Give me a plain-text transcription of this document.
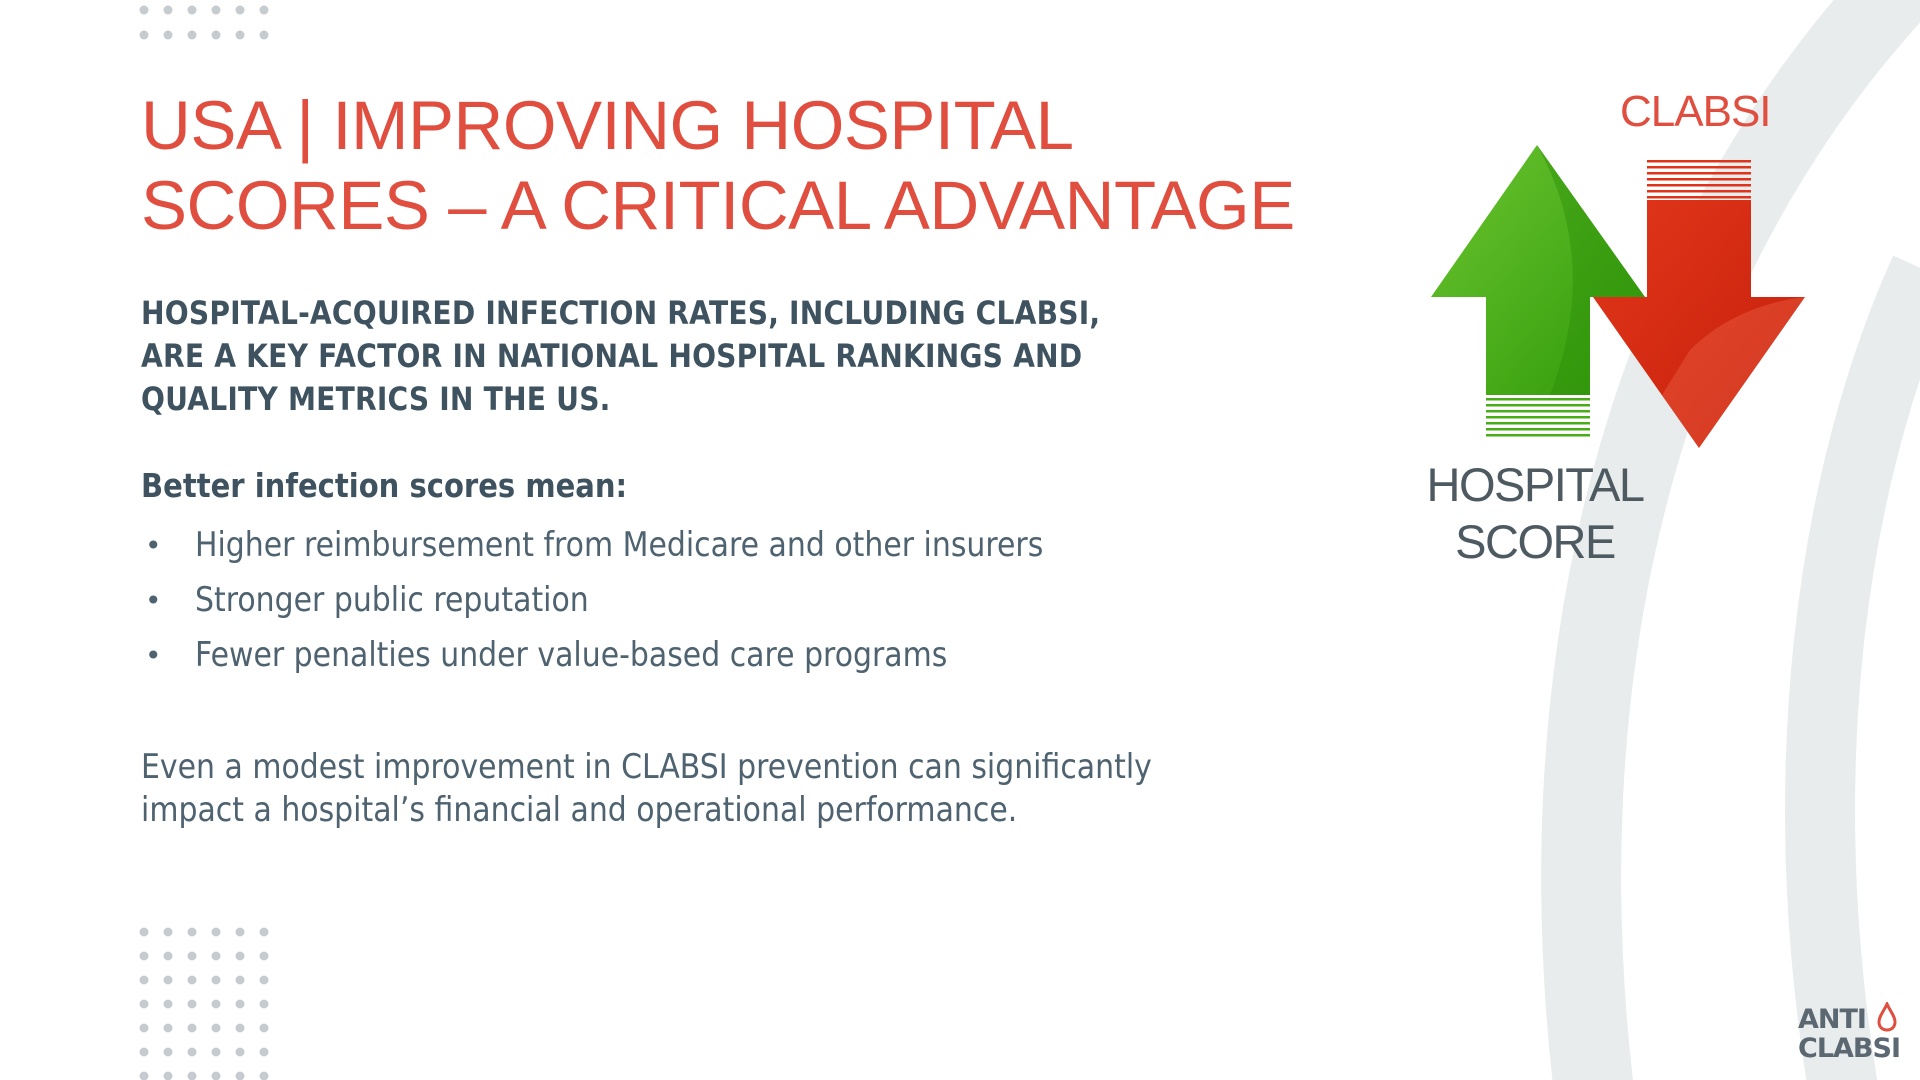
USA | IMPROVING HOSPITAL
SCORES – A CRITICAL ADVANTAGE

HOSPITAL-ACQUIRED INFECTION RATES, INCLUDING CLABSI,
ARE A KEY FACTOR IN NATIONAL HOSPITAL RANKINGS AND
QUALITY METRICS IN THE US.

Better infection scores mean:

• Higher reimbursement from Medicare and other insurers
• Stronger public reputation
• Fewer penalties under value-based care programs

Even a modest improvement in CLABSI prevention can significantly
impact a hospital’s financial and operational performance.

CLABSI

HOSPITAL
SCORE

ANTI

CLABSI
